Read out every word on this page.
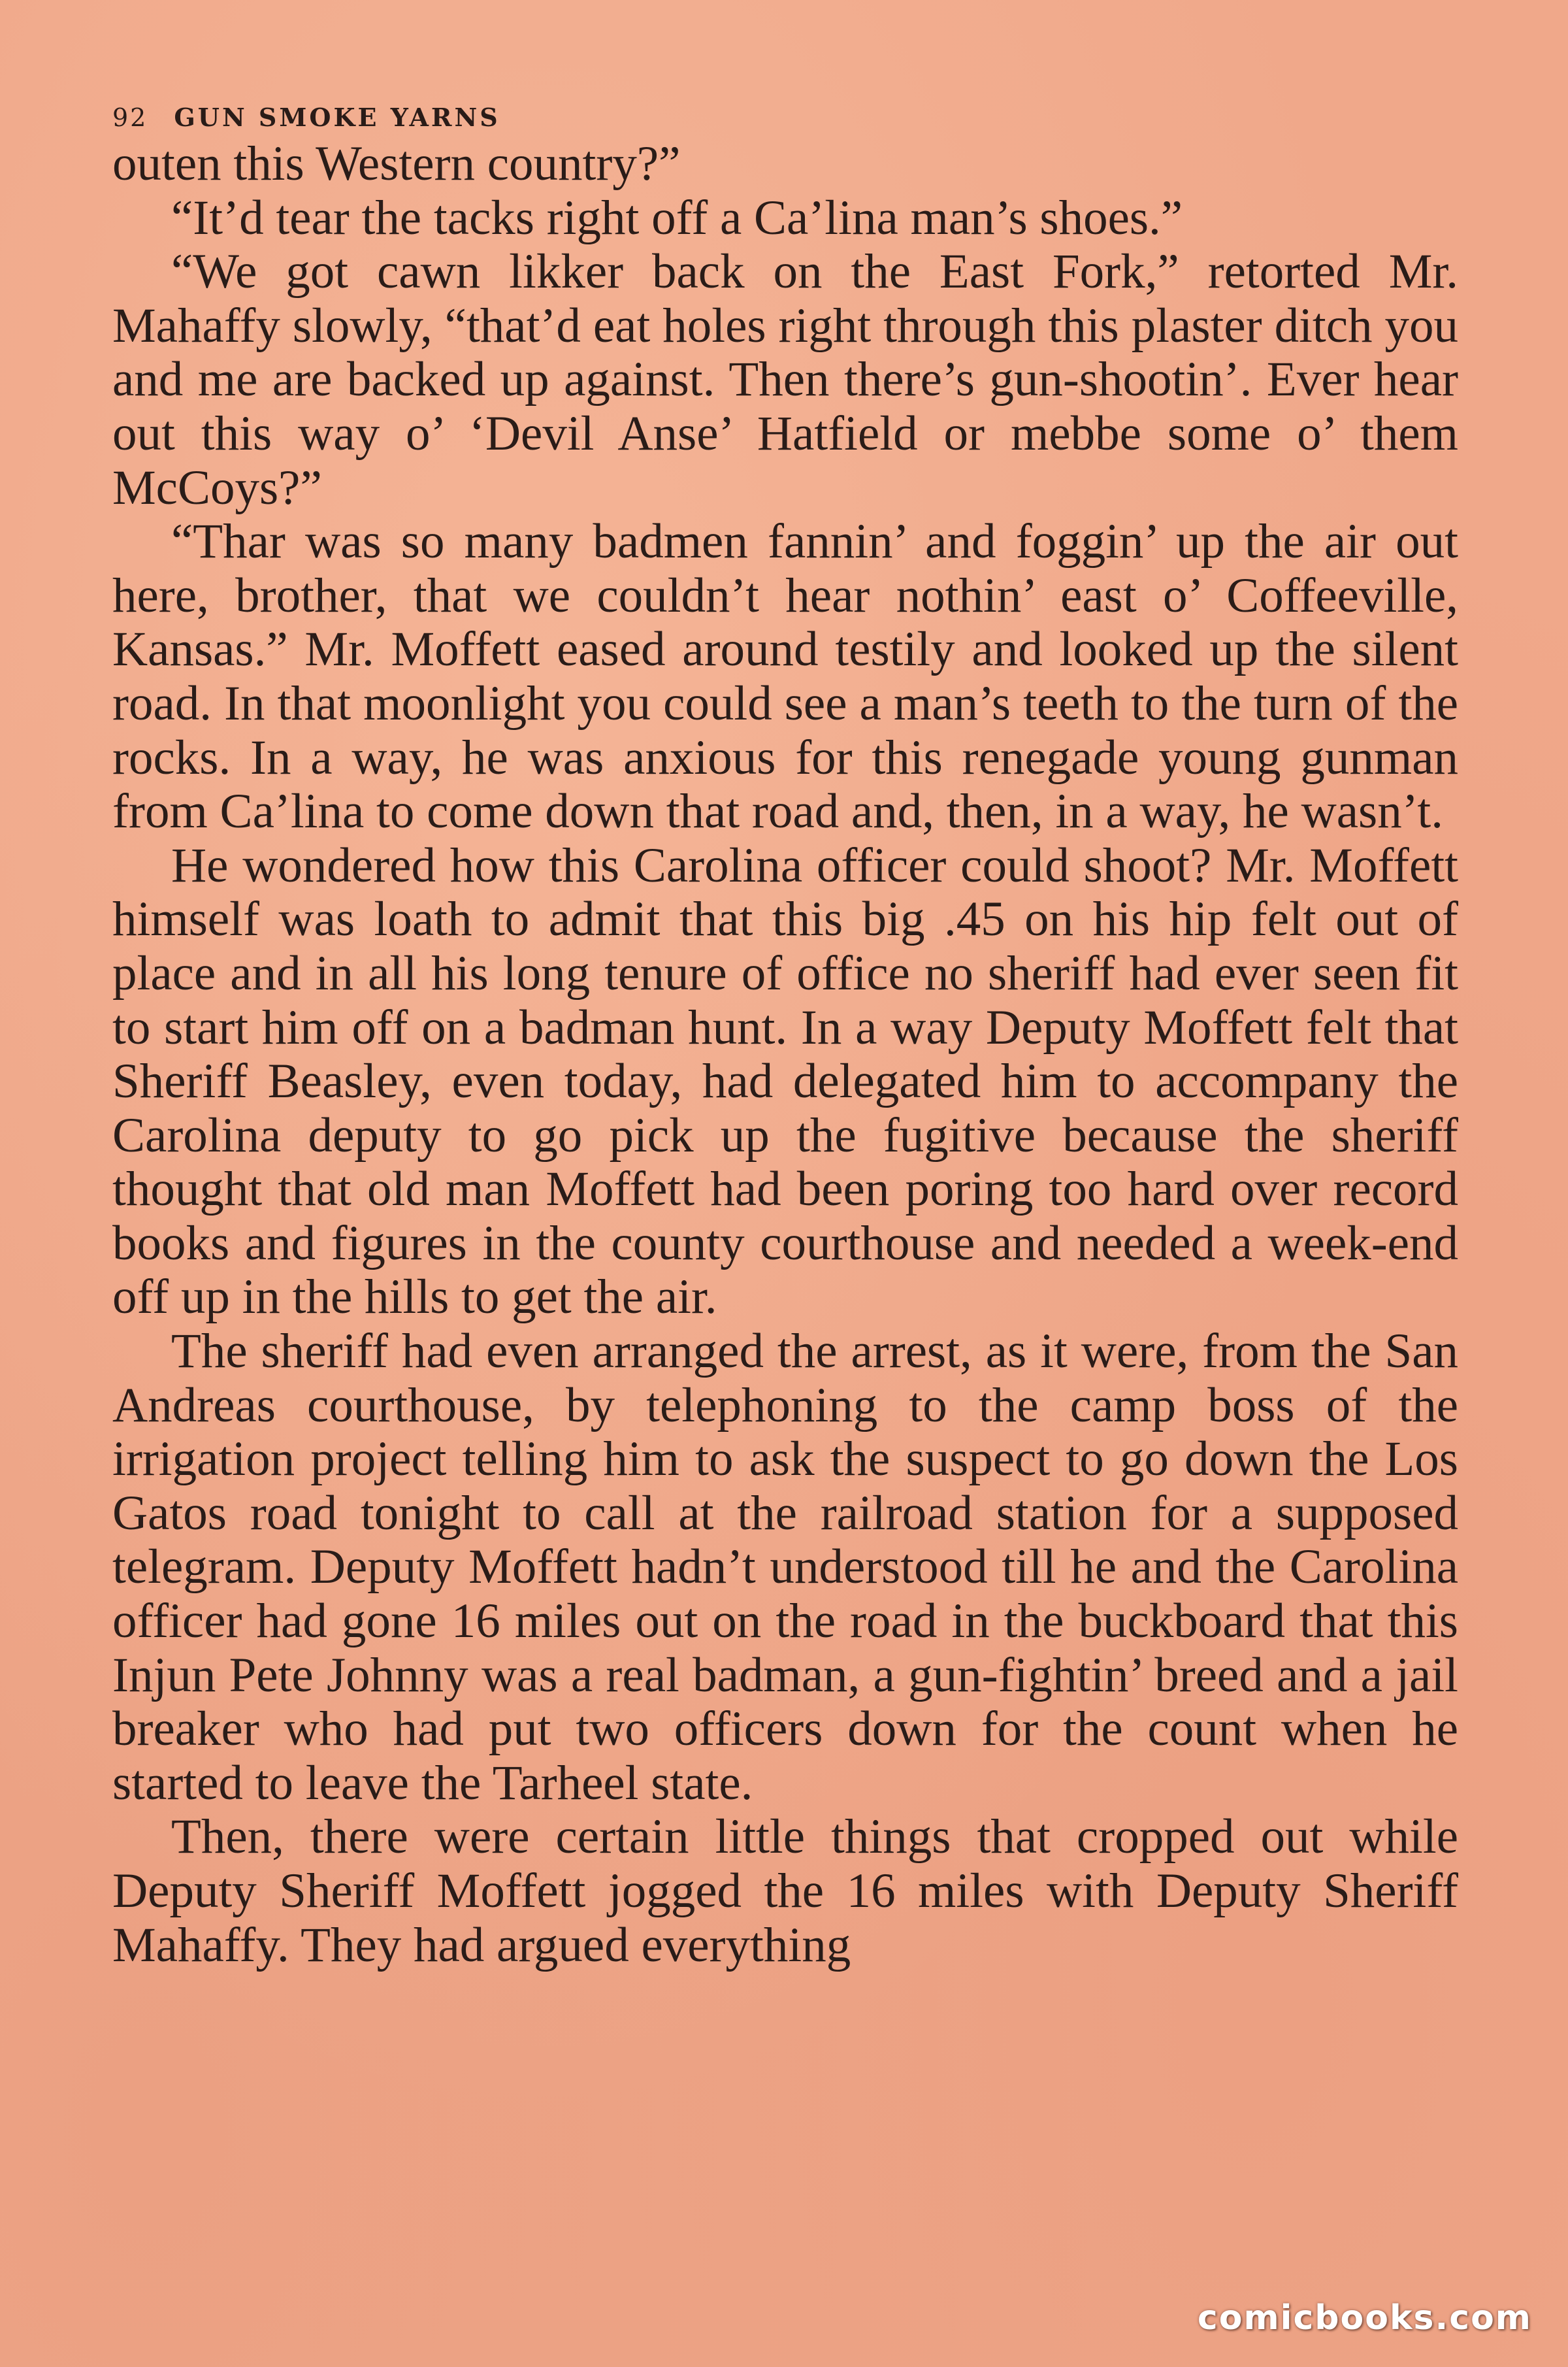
92 GUN SMOKE YARNS

outen this Western country?”

“It’d tear the tacks right off a Ca’lina man’s shoes.”

“We got cawn likker back on the East Fork,” retorted Mr. Mahaffy slowly, “that’d eat holes right through this plaster ditch you and me are backed up against. Then there’s gun-shootin’. Ever hear out this way o’ ‘Devil Anse’ Hatfield or mebbe some o’ them McCoys?”

“Thar was so many badmen fannin’ and foggin’ up the air out here, brother, that we couldn’t hear nothin’ east o’ Coffeeville, Kansas.” Mr. Moffett eased around testily and looked up the silent road. In that moonlight you could see a man’s teeth to the turn of the rocks. In a way, he was anxious for this renegade young gunman from Ca’lina to come down that road and, then, in a way, he wasn’t.

He wondered how this Carolina officer could shoot? Mr. Moffett himself was loath to admit that this big .45 on his hip felt out of place and in all his long tenure of office no sheriff had ever seen fit to start him off on a badman hunt. In a way Deputy Moffett felt that Sheriff Beasley, even today, had delegated him to accompany the Carolina deputy to go pick up the fugitive because the sheriff thought that old man Moffett had been poring too hard over record books and figures in the county courthouse and needed a week-end off up in the hills to get the air.

The sheriff had even arranged the arrest, as it were, from the San Andreas courthouse, by telephoning to the camp boss of the irrigation project telling him to ask the suspect to go down the Los Gatos road tonight to call at the railroad station for a supposed telegram. Deputy Moffett hadn’t understood till he and the Carolina officer had gone 16 miles out on the road in the buckboard that this Injun Pete Johnny was a real badman, a gun-fightin’ breed and a jail breaker who had put two officers down for the count when he started to leave the Tarheel state.

Then, there were certain little things that cropped out while Deputy Sheriff Moffett jogged the 16 miles with Deputy Sheriff Mahaffy. They had argued everything

comicbooks.com
